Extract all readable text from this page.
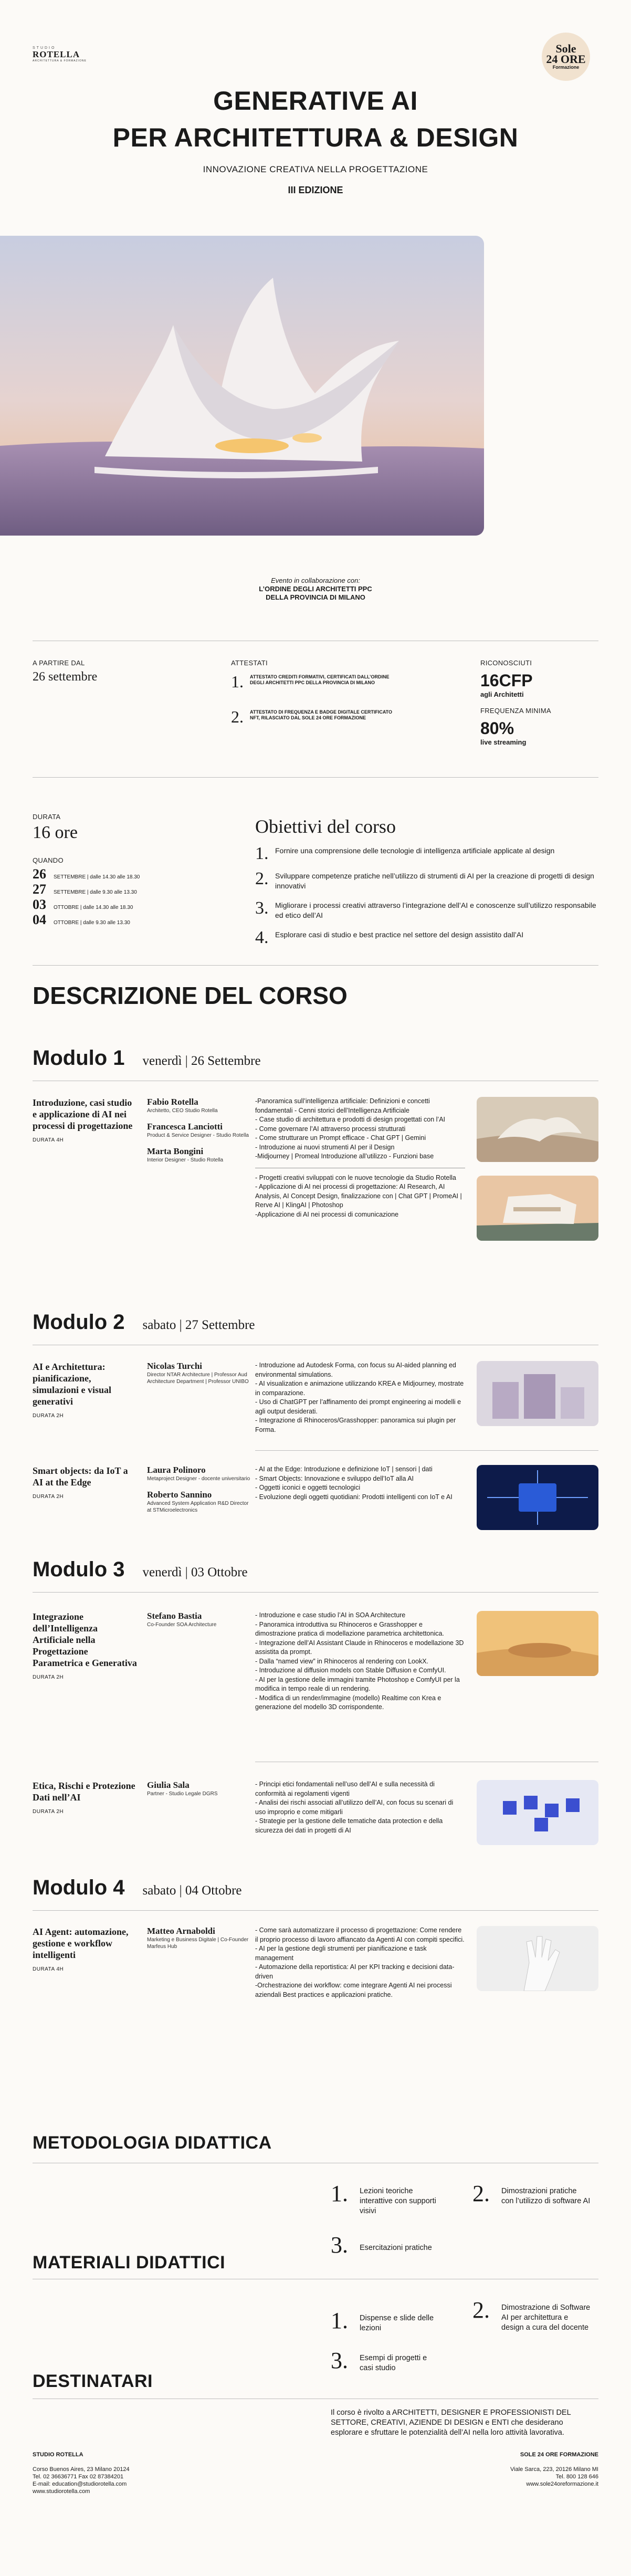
STUDIO
ROTELLA
ARCHITETTURA & FORMAZIONE
Sole
24 ORE
Formazione
GENERATIVE AI
PER ARCHITETTURA & DESIGN
INNOVAZIONE CREATIVA NELLA PROGETTAZIONE
III EDIZIONE
Evento in collaborazione con:
L’ORDINE DEGLI ARCHITETTI PPC
DELLA PROVINCIA DI MILANO
A PARTIRE DAL
26 settembre
ATTESTATI
1. ATTESTATO CREDITI FORMATIVI, CERTIFICATI DALL’ORDINE DEGLI ARCHITETTI PPC DELLA PROVINCIA DI MILANO
2. ATTESTATO DI FREQUENZA E BADGE DIGITALE CERTIFICATO NFT, RILASCIATO DAL SOLE 24 ORE FORMAZIONE
RICONOSCIUTI
16CFP
agli Architetti
FREQUENZA MINIMA
80%
live streaming
DURATA
16 ore
QUANDO
26	SETTEMBRE | dalle 14.30 alle 18.30
27	SETTEMBRE | dalle 9.30 alle 13.30
03	OTTOBRE | dalle 14.30 alle 18.30
04	OTTOBRE | dalle 9.30 alle 13.30
Obiettivi del corso
1. Fornire una comprensione delle tecnologie di intelligenza artificiale applicate al design
2. Sviluppare competenze pratiche nell’utilizzo di strumenti di AI per la creazione di progetti di design innovativi
3. Migliorare i processi creativi attraverso l’integrazione dell’AI e conoscenze sull’utilizzo responsabile ed etico dell’AI
4. Esplorare casi di studio e best practice nel settore del design assistito dall’AI
DESCRIZIONE DEL CORSO
Modulo 1 venerdì | 26 Settembre
Introduzione, casi studio e applicazione di AI nei processi di progettazione
DURATA 4H
Fabio Rotella
Architetto, CEO Studio Rotella
Francesca Lanciotti
Product & Service Designer - Studio Rotella
Marta Bongini
Interior Designer - Studio Rotella

-Panoramica sull’intelligenza artificiale: Definizioni e concetti fondamentali - Cenni storici dell’Intelligenza Artificiale
- Case studio di architettura e prodotti di design progettati con l’AI
- Come governare l’AI attraverso processi strutturati
- Come strutturare un Prompt efficace - Chat GPT | Gemini
- Introduzione ai nuovi strumenti AI per il Design
-Midjourney | Promeal Introduzione all’utilizzo - Funzioni base

- Progetti creativi sviluppati con le nuove tecnologie da Studio Rotella
- Applicazione di AI nei processi di progettazione: AI Research, AI Analysis, AI Concept Design, finalizzazione con | Chat GPT | PromeAI | Rerve AI | KlingAI | Photoshop
-Applicazione di AI nei processi di comunicazione

Modulo 2 sabato | 27 Settembre
AI e Architettura: pianificazione, simulazioni e visual generativi
DURATA 2H
Nicolas Turchi
Director NTAR Architecture | Professor Aud Architecture Department | Professor UNIBO

- Introduzione ad Autodesk Forma, con focus su AI-aided planning ed environmental simulations.
- AI visualization e animazione utilizzando KREA e Midjourney, mostrate in comparazione.
- Uso di ChatGPT per l’affinamento dei prompt engineering ai modelli e agli output desiderati.
- Integrazione di Rhinoceros/Grasshopper: panoramica sui plugin per Forma.

Smart objects: da IoT a AI at the Edge
DURATA 2H
Laura Polinoro
Metaproject Designer - docente universitario
Roberto Sannino
Advanced System Application R&D Director at STMicroelectronics

- AI at the Edge: Introduzione e definizione IoT | sensori | dati
- Smart Objects: Innovazione e sviluppo dell’IoT alla AI
- Oggetti iconici e oggetti tecnologici
- Evoluzione degli oggetti quotidiani: Prodotti intelligenti con IoT e AI

Modulo 3 venerdì | 03 Ottobre
Integrazione dell’Intelligenza Artificiale nella Progettazione Parametrica e Generativa
DURATA 2H
Stefano Bastia
Co-Founder SOA Architecture

- Introduzione e case studio l’AI in SOA Architecture
- Panoramica introduttiva su Rhinoceros e Grasshopper e dimostrazione pratica di modellazione parametrica architettonica.
- Integrazione dell’AI Assistant Claude in Rhinoceros e modellazione 3D assistita da prompt.
- Dalla “named view” in Rhinoceros al rendering con LookX.
- Introduzione al diffusion models con Stable Diffusion e ComfyUI.
- AI per la gestione delle immagini tramite Photoshop e ComfyUI per la modifica in tempo reale di un rendering.
- Modifica di un render/immagine (modello) Realtime con Krea e generazione del modello 3D corrispondente.

Etica, Rischi e Protezione Dati nell’AI
DURATA 2H
Giulia Sala
Partner - Studio Legale DGRS

- Principi etici fondamentali nell’uso dell’AI e sulla necessità di conformità ai regolamenti vigenti
- Analisi dei rischi associati all’utilizzo dell’AI, con focus su scenari di uso improprio e come mitigarli
- Strategie per la gestione delle tematiche data protection e della sicurezza dei dati in progetti di AI

Modulo 4 sabato | 04 Ottobre
AI Agent: automazione, gestione e workflow intelligenti
DURATA 4H
Matteo Arnaboldi
Marketing e Business Digitale | Co-Founder Marfeus Hub

- Come sarà automatizzare il processo di progettazione: Come rendere il proprio processo di lavoro affiancato da Agenti AI con compiti specifici.
- AI per la gestione degli strumenti per pianificazione e task management
- Automazione della reportistica: AI per KPI tracking e decisioni data-driven
-Orchestrazione dei workflow: come integrare Agenti AI nei processi aziendali Best practices e applicazioni pratiche.

METODOLOGIA DIDATTICA
1. Lezioni teoriche interattive con supporti visivi
2. Dimostrazioni pratiche con l’utilizzo di software AI
3. Esercitazioni pratiche
MATERIALI DIDATTICI
1. Dispense e slide delle lezioni
2. Dimostrazione di Software AI per architettura e design a cura del docente
3. Esempi di progetti e casi studio
DESTINATARI
Il corso è rivolto a ARCHITETTI, DESIGNER E PROFESSIONISTI DEL SETTORE, CREATIVI, AZIENDE DI DESIGN e ENTI che desiderano esplorare e sfruttare le potenzialità dell’AI nella loro attività lavorativa.
STUDIO ROTELLA
Corso Buenos Aires, 23 Milano 20124
Tel. 02 36636771 Fax 02 87384201
E-mail: education@studiorotella.com
www.studiorotella.com
SOLE 24 ORE FORMAZIONE
Viale Sarca, 223, 20126 Milano MI
Tel. 800 128 646
www.sole24oreformazione.it
